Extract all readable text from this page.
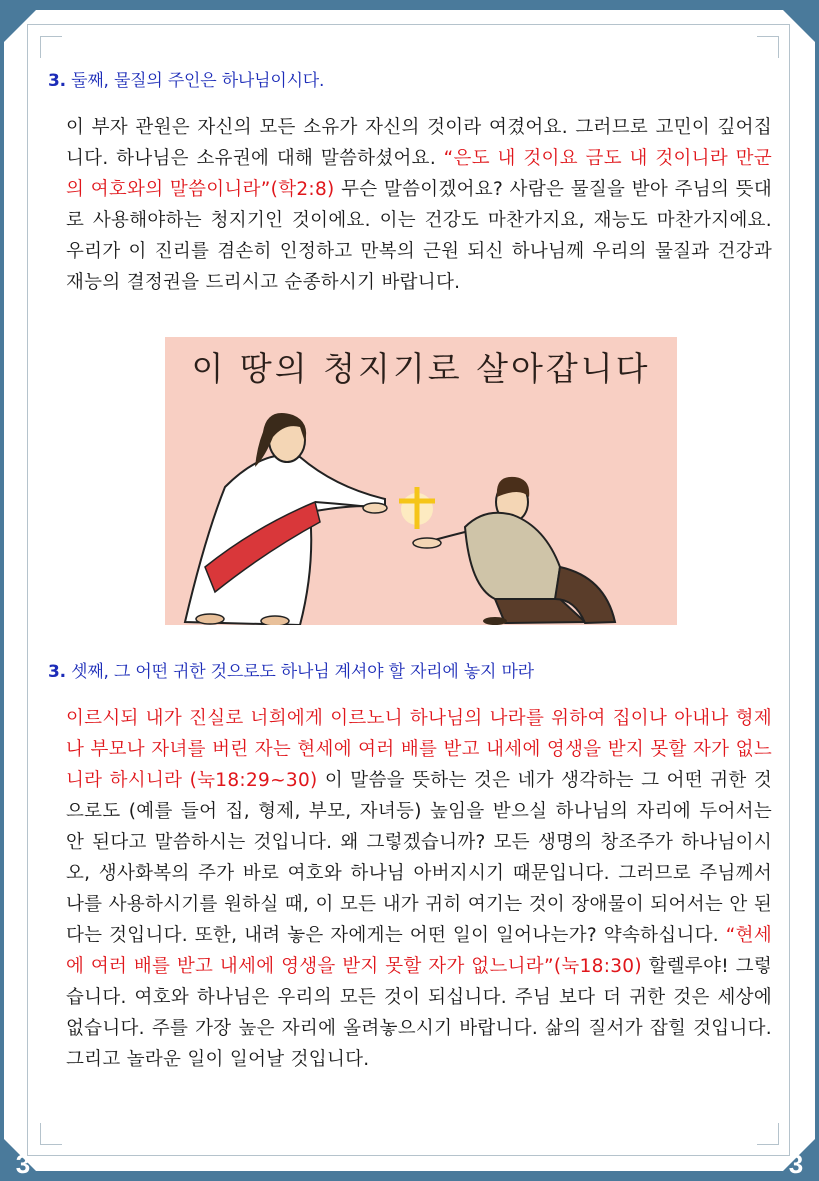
3. 둘째, 물질의 주인은 하나님이시다.
이 부자 관원은 자신의 모든 소유가 자신의 것이라 여겼어요. 그러므로 고민이 깊어집니다. 하나님은 소유권에 대해 말씀하셨어요. “은도 내 것이요 금도 내 것이니라 만군의 여호와의 말씀이니라”(학2:8) 무슨 말씀이겠어요? 사람은 물질을 받아 주님의 뜻대로 사용해야하는 청지기인 것이에요. 이는 건강도 마찬가지요, 재능도 마찬가지에요. 우리가 이 진리를 겸손히 인정하고 만복의 근원 되신 하나님께 우리의 물질과 건강과 재능의 결정권을 드리시고 순종하시기 바랍니다.
이 땅의 청지기로 살아갑니다
3. 셋째, 그 어떤 귀한 것으로도 하나님 계셔야 할 자리에 놓지 마라
이르시되 내가 진실로 너희에게 이르노니 하나님의 나라를 위하여 집이나 아내나 형제나 부모나 자녀를 버린 자는 현세에 여러 배를 받고 내세에 영생을 받지 못할 자가 없느니라 하시니라 (눅18:29~30) 이 말씀을 뜻하는 것은 네가 생각하는 그 어떤 귀한 것으로도 (예를 들어 집, 형제, 부모, 자녀등) 높임을 받으실 하나님의 자리에 두어서는 안 된다고 말씀하시는 것입니다. 왜 그렇겠습니까? 모든 생명의 창조주가 하나님이시오, 생사화복의 주가 바로 여호와 하나님 아버지시기 때문입니다. 그러므로 주님께서 나를 사용하시기를 원하실 때, 이 모든 내가 귀히 여기는 것이 장애물이 되어서는 안 된다는 것입니다. 또한, 내려 놓은 자에게는 어떤 일이 일어나는가? 약속하십니다. “현세에 여러 배를 받고 내세에 영생을 받지 못할 자가 없느니라”(눅18:30) 할렐루야! 그렇습니다. 여호와 하나님은 우리의 모든 것이 되십니다. 주님 보다 더 귀한 것은 세상에 없습니다. 주를 가장 높은 자리에 올려놓으시기 바랍니다. 삶의 질서가 잡힐 것입니다. 그리고 놀라운 일이 일어날 것입니다.
3	3
